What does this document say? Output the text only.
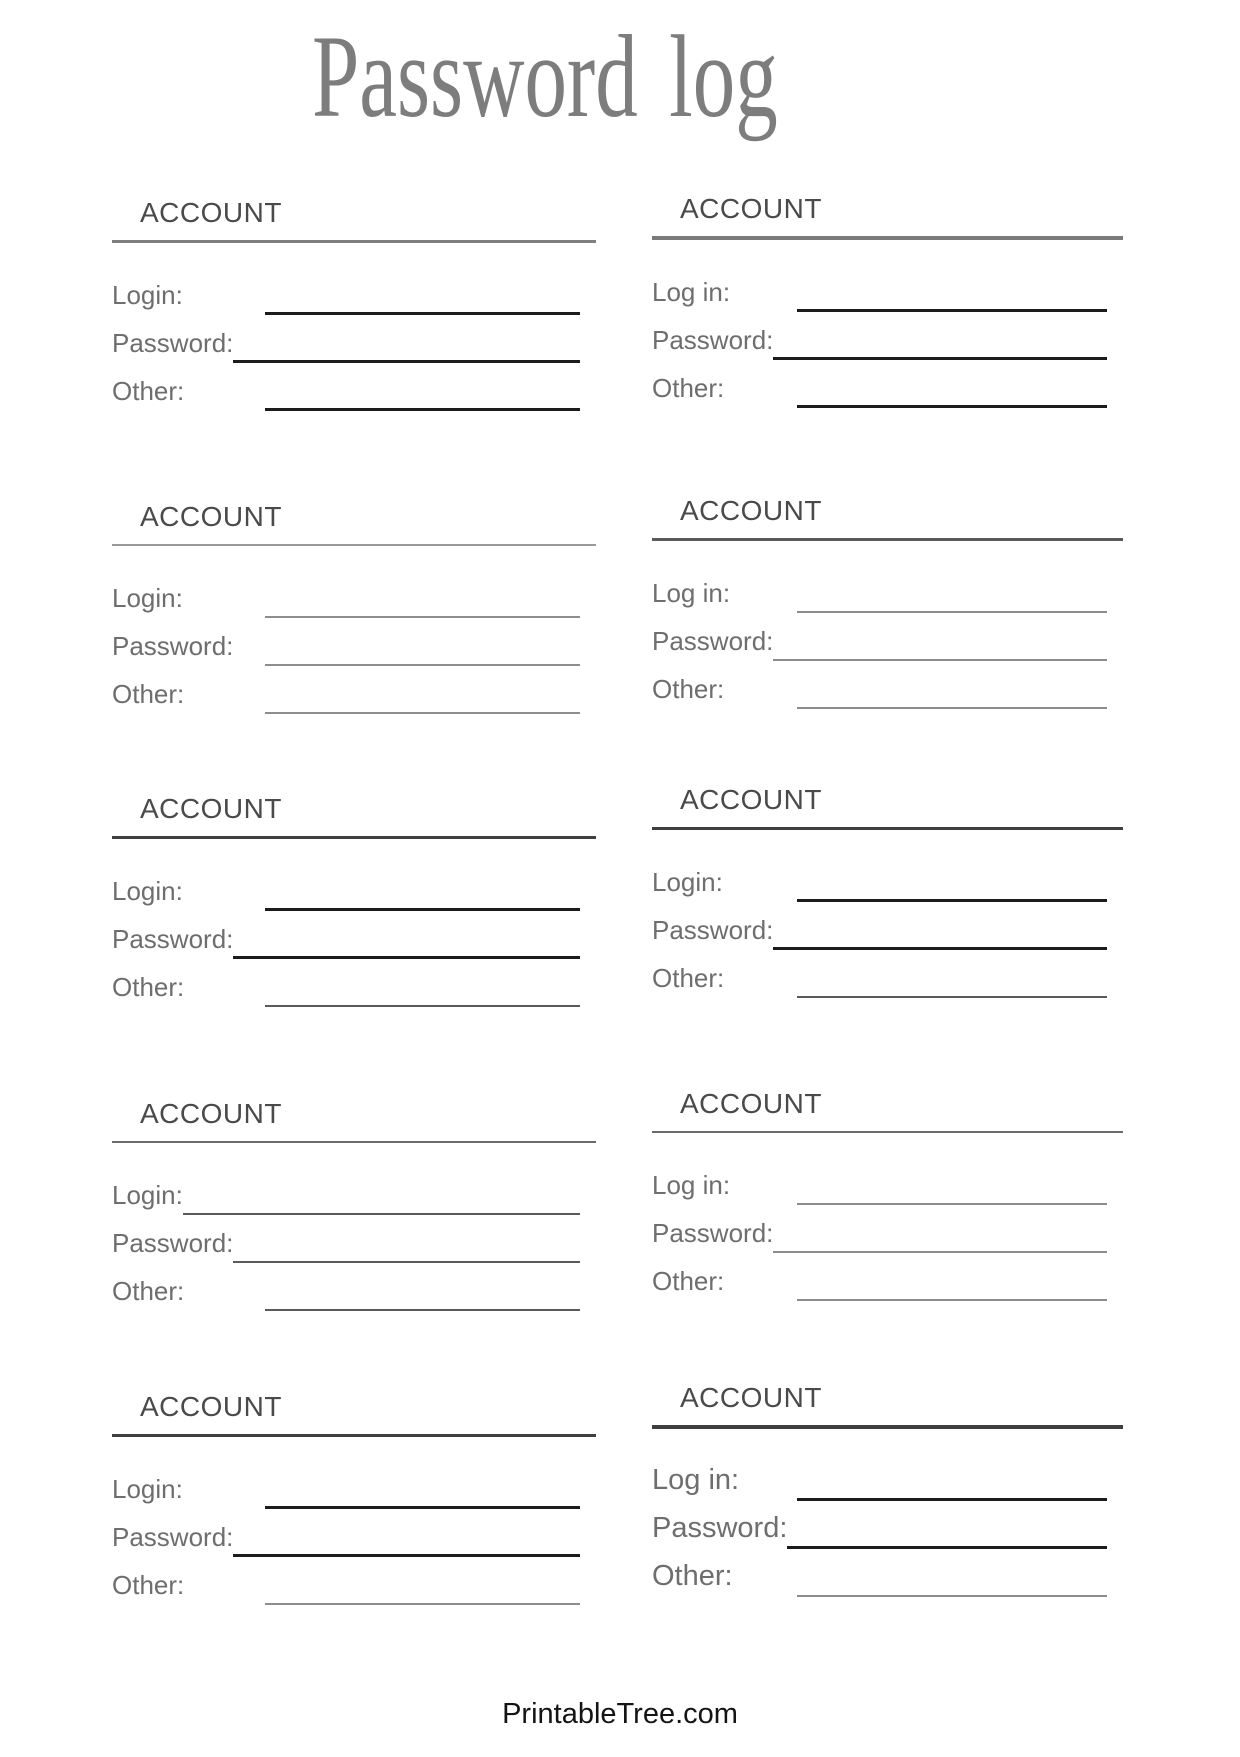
Password log
ACCOUNT
Login:
Password:
Other:
ACCOUNT
Login:
Password:
Other:
ACCOUNT
Login:
Password:
Other:
ACCOUNT
Login:
Password:
Other:
ACCOUNT
Login:
Password:
Other:
ACCOUNT
Log in:
Password:
Other:
ACCOUNT
Log in:
Password:
Other:
ACCOUNT
Login:
Password:
Other:
ACCOUNT
Log in:
Password:
Other:
ACCOUNT
Log in:
Password:
Other:
PrintableTree.com
